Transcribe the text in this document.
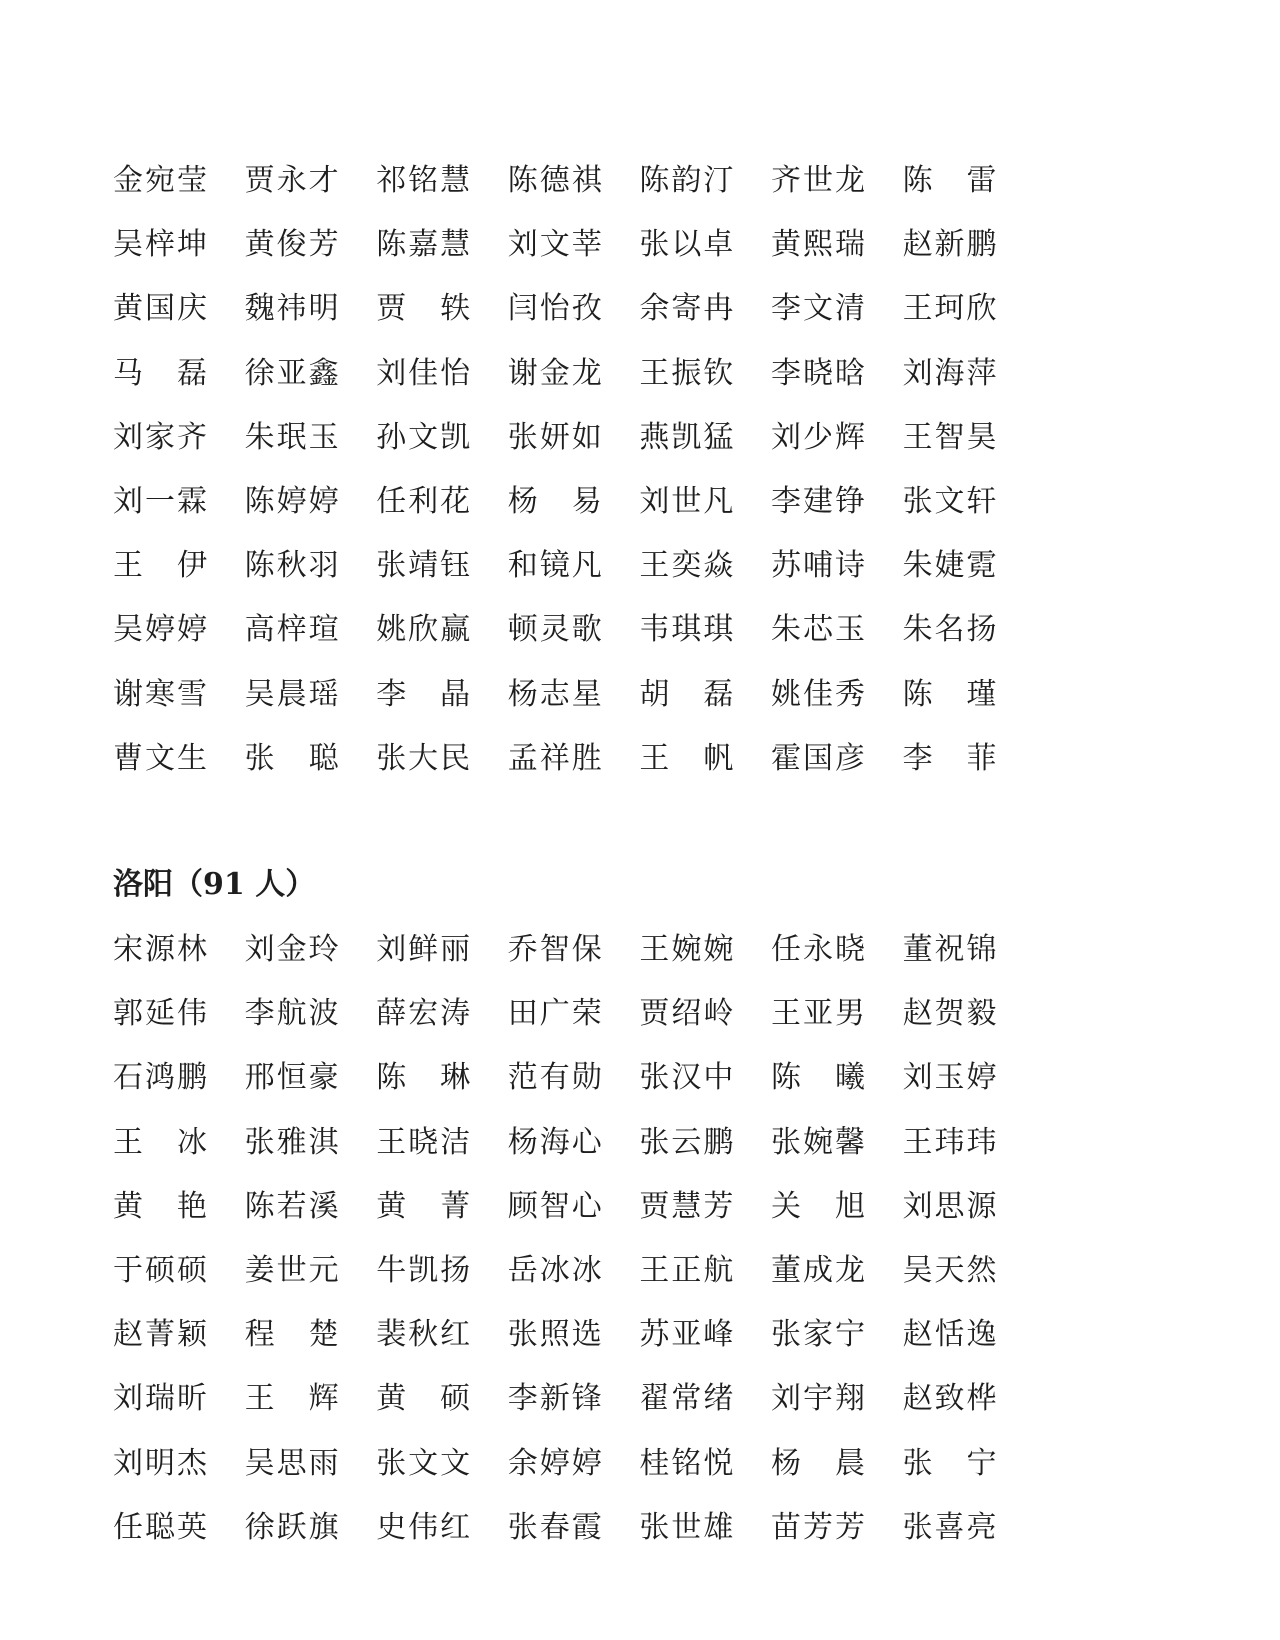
金宛莹	贾永才	祁铭慧	陈德祺	陈韵汀	齐世龙	陈 雷
吴梓坤	黄俊芳	陈嘉慧	刘文莘	张以卓	黄熙瑞	赵新鹏
黄国庆	魏祎明	贾 轶	闫怡孜	余寄冉	李文清	王珂欣
马 磊	徐亚鑫	刘佳怡	谢金龙	王振钦	李晓晗	刘海萍
刘家齐	朱珉玉	孙文凯	张妍如	燕凯猛	刘少辉	王智昊
刘一霖	陈婷婷	任利花	杨 易	刘世凡	李建铮	张文轩
王 伊	陈秋羽	张靖钰	和镜凡	王奕焱	苏哺诗	朱婕霓
吴婷婷	高梓瑄	姚欣赢	顿灵歌	韦琪琪	朱芯玉	朱名扬
谢寒雪	吴晨瑶	李 晶	杨志星	胡 磊	姚佳秀	陈 瑾
曹文生	张 聪	张大民	孟祥胜	王 帆	霍国彦	李 菲
洛阳（91 人）
宋源林	刘金玲	刘鲜丽	乔智保	王婉婉	任永晓	董祝锦
郭延伟	李航波	薛宏涛	田广荣	贾绍岭	王亚男	赵贺毅
石鸿鹏	邢恒豪	陈 琳	范有勋	张汉中	陈 曦	刘玉婷
王 冰	张雅淇	王晓洁	杨海心	张云鹏	张婉馨	王玮玮
黄 艳	陈若溪	黄 菁	顾智心	贾慧芳	关 旭	刘思源
于硕硕	姜世元	牛凯扬	岳冰冰	王正航	董成龙	吴天然
赵菁颖	程 楚	裴秋红	张照选	苏亚峰	张家宁	赵恬逸
刘瑞昕	王 辉	黄 硕	李新锋	翟常绪	刘宇翔	赵致桦
刘明杰	吴思雨	张文文	余婷婷	桂铭悦	杨 晨	张 宁
任聪英	徐跃旗	史伟红	张春霞	张世雄	苗芳芳	张喜亮
